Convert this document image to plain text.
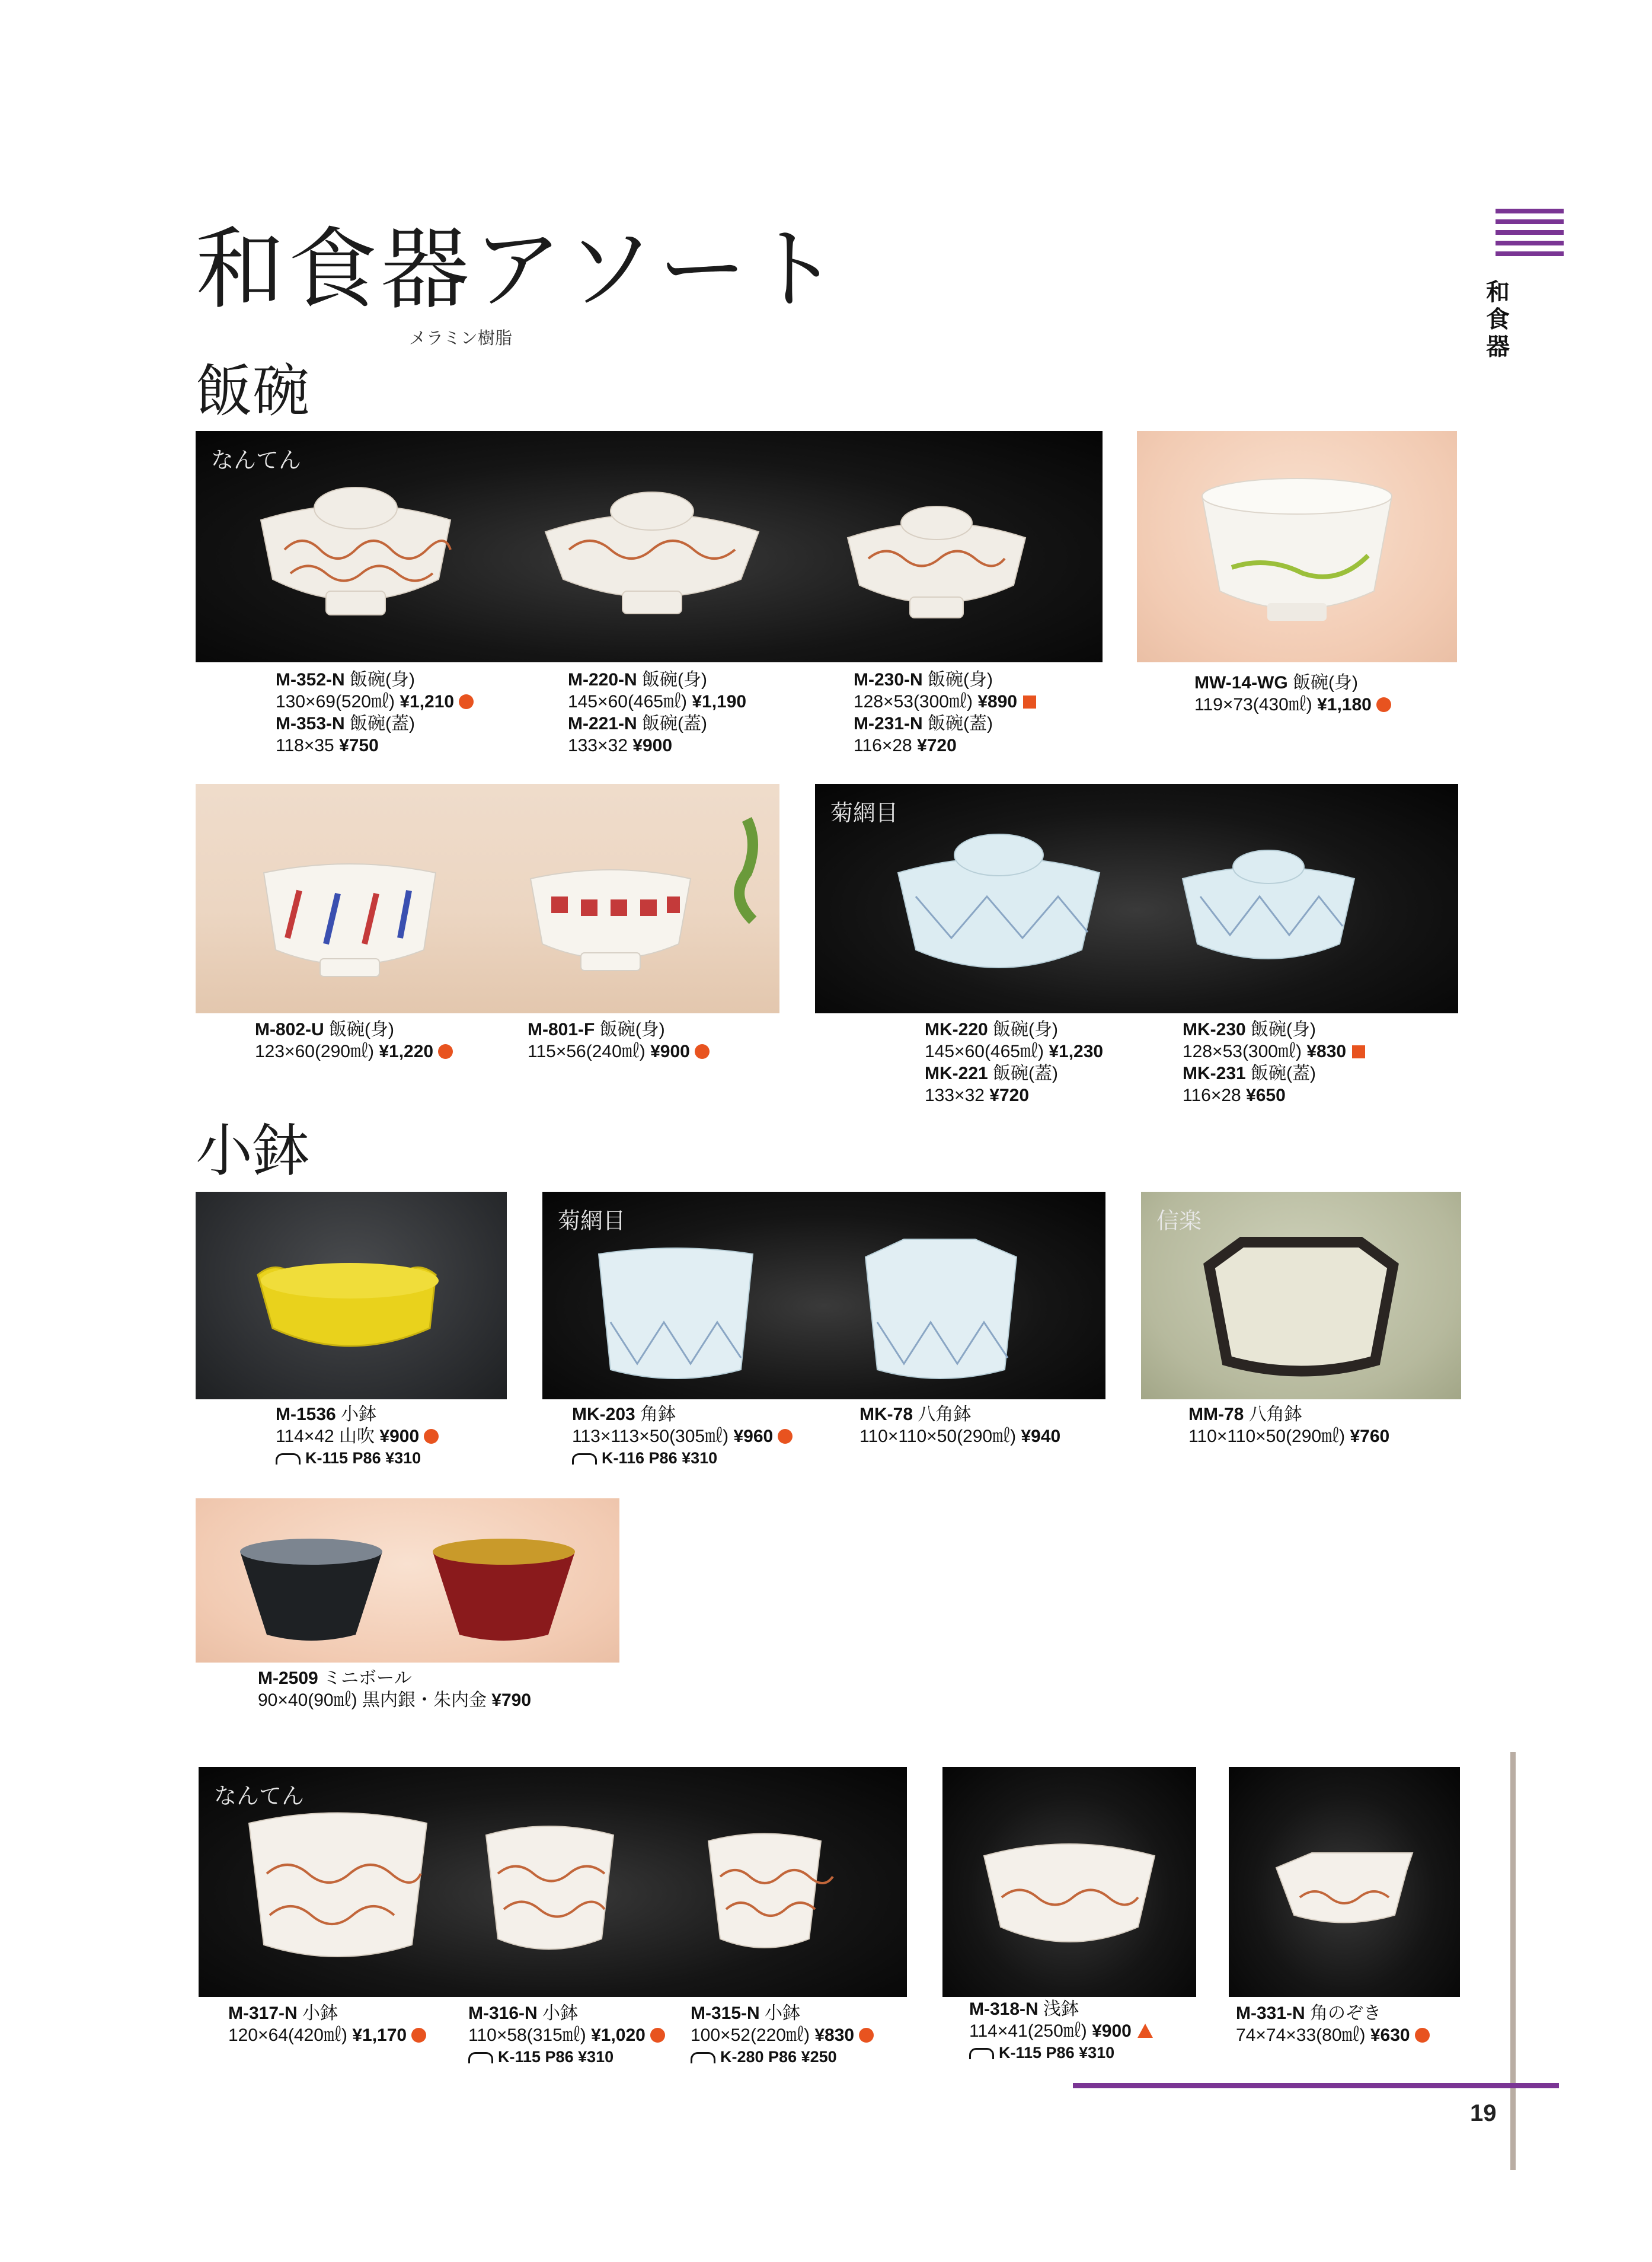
和食器
和食器アソート
メラミン樹脂
飯碗
なんてん
M-352-N 飯碗(身)
130×69(520㎖) ¥1,210
M-353-N 飯碗(蓋)
118×35 ¥750
M-220-N 飯碗(身)
145×60(465㎖) ¥1,190
M-221-N 飯碗(蓋)
133×32 ¥900
M-230-N 飯碗(身)
128×53(300㎖) ¥890
M-231-N 飯碗(蓋)
116×28 ¥720
MW-14-WG 飯碗(身)
119×73(430㎖) ¥1,180
菊網目
M-802-U 飯碗(身)
123×60(290㎖) ¥1,220
M-801-F 飯碗(身)
115×56(240㎖) ¥900
MK-220 飯碗(身)
145×60(465㎖) ¥1,230
MK-221 飯碗(蓋)
133×32 ¥720
MK-230 飯碗(身)
128×53(300㎖) ¥830
MK-231 飯碗(蓋)
116×28 ¥650
小鉢
菊網目	信楽
M-1536 小鉢
114×42 山吹 ¥900
K-115 P86 ¥310
MK-203 角鉢
113×113×50(305㎖) ¥960
K-116 P86 ¥310
MK-78 八角鉢
110×110×50(290㎖) ¥940
MM-78 八角鉢
110×110×50(290㎖) ¥760
M-2509 ミニボール
90×40(90㎖) 黒内銀・朱内金 ¥790
なんてん
M-317-N 小鉢
120×64(420㎖) ¥1,170
M-316-N 小鉢
110×58(315㎖) ¥1,020
K-115 P86 ¥310
M-315-N 小鉢
100×52(220㎖) ¥830
K-280 P86 ¥250
M-318-N 浅鉢
114×41(250㎖) ¥900
K-115 P86 ¥310
M-331-N 角のぞき
74×74×33(80㎖) ¥630
19
